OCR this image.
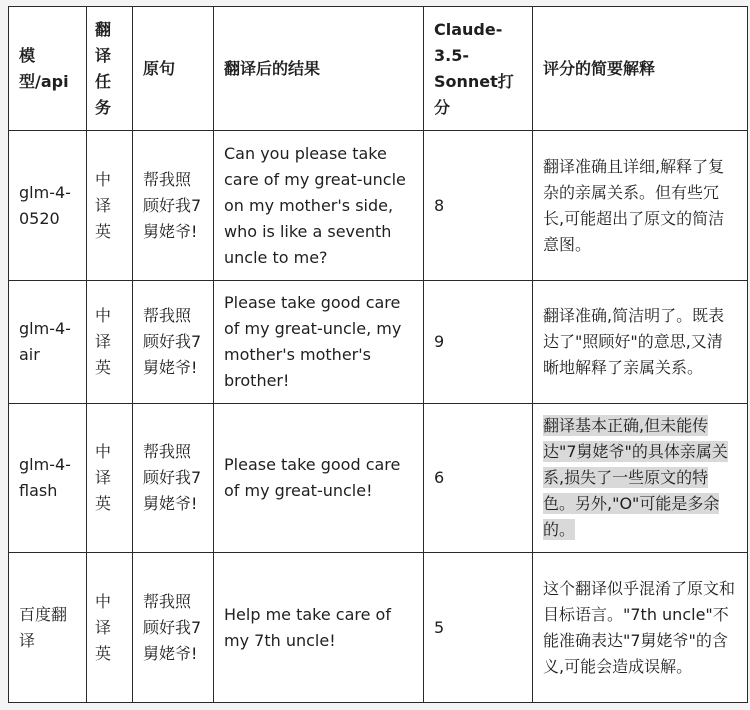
模型/api	翻译任务	原句	翻译后的结果	Claude-3.5-Sonnet打分	评分的简要解释
glm-4-0520	中译英	帮我照顾好我7舅姥爷!	Can you please take care of my great-uncle on my mother's side, who is like a seventh uncle to me?	8	翻译准确且详细,解释了复杂的亲属关系。但有些冗长,可能超出了原文的简洁意图。
glm-4-air	中译英	帮我照顾好我7舅姥爷!	Please take good care of my great-uncle, my mother's mother's brother!	9	翻译准确,简洁明了。既表达了"照顾好"的意思,又清晰地解释了亲属关系。
glm-4-flash	中译英	帮我照顾好我7舅姥爷!	Please take good care of my great-uncle!	6	翻译基本正确,但未能传达"7舅姥爷"的具体亲属关系,损失了一些原文的特色。另外,"O"可能是多余的。
百度翻译	中译英	帮我照顾好我7舅姥爷!	Help me take care of my 7th uncle!	5	这个翻译似乎混淆了原文和目标语言。"7th uncle"不能准确表达"7舅姥爷"的含义,可能会造成误解。
